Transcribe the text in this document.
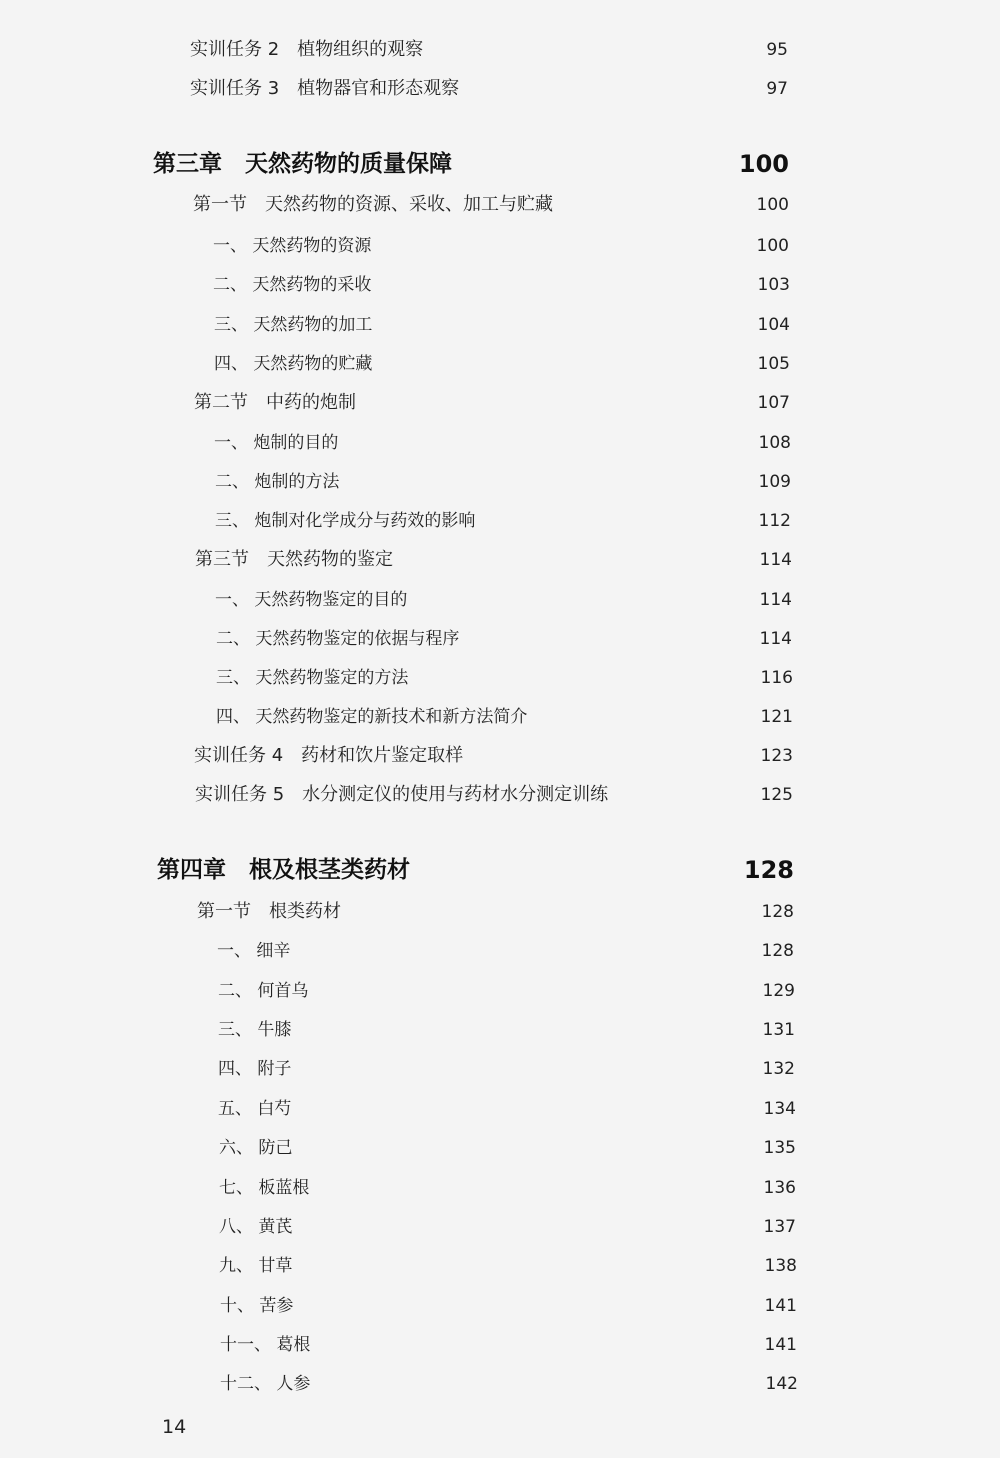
实训任务 2　植物组织的观察	95
实训任务 3　植物器官和形态观察	97
第三章　天然药物的质量保障	100
第一节　天然药物的资源、采收、加工与贮藏	100
一、 天然药物的资源	100
二、 天然药物的采收	103
三、 天然药物的加工	104
四、 天然药物的贮藏	105
第二节　中药的炮制	107
一、 炮制的目的	108
二、 炮制的方法	109
三、 炮制对化学成分与药效的影响	112
第三节　天然药物的鉴定	114
一、 天然药物鉴定的目的	114
二、 天然药物鉴定的依据与程序	114
三、 天然药物鉴定的方法	116
四、 天然药物鉴定的新技术和新方法简介	121
实训任务 4　药材和饮片鉴定取样	123
实训任务 5　水分测定仪的使用与药材水分测定训练	125
第四章　根及根茎类药材	128
第一节　根类药材	128
一、 细辛	128
二、 何首乌	129
三、 牛膝	131
四、 附子	132
五、 白芍	134
六、 防己	135
七、 板蓝根	136
八、 黄芪	137
九、 甘草	138
十、 苦参	141
十一、 葛根	141
十二、 人参	142
14
